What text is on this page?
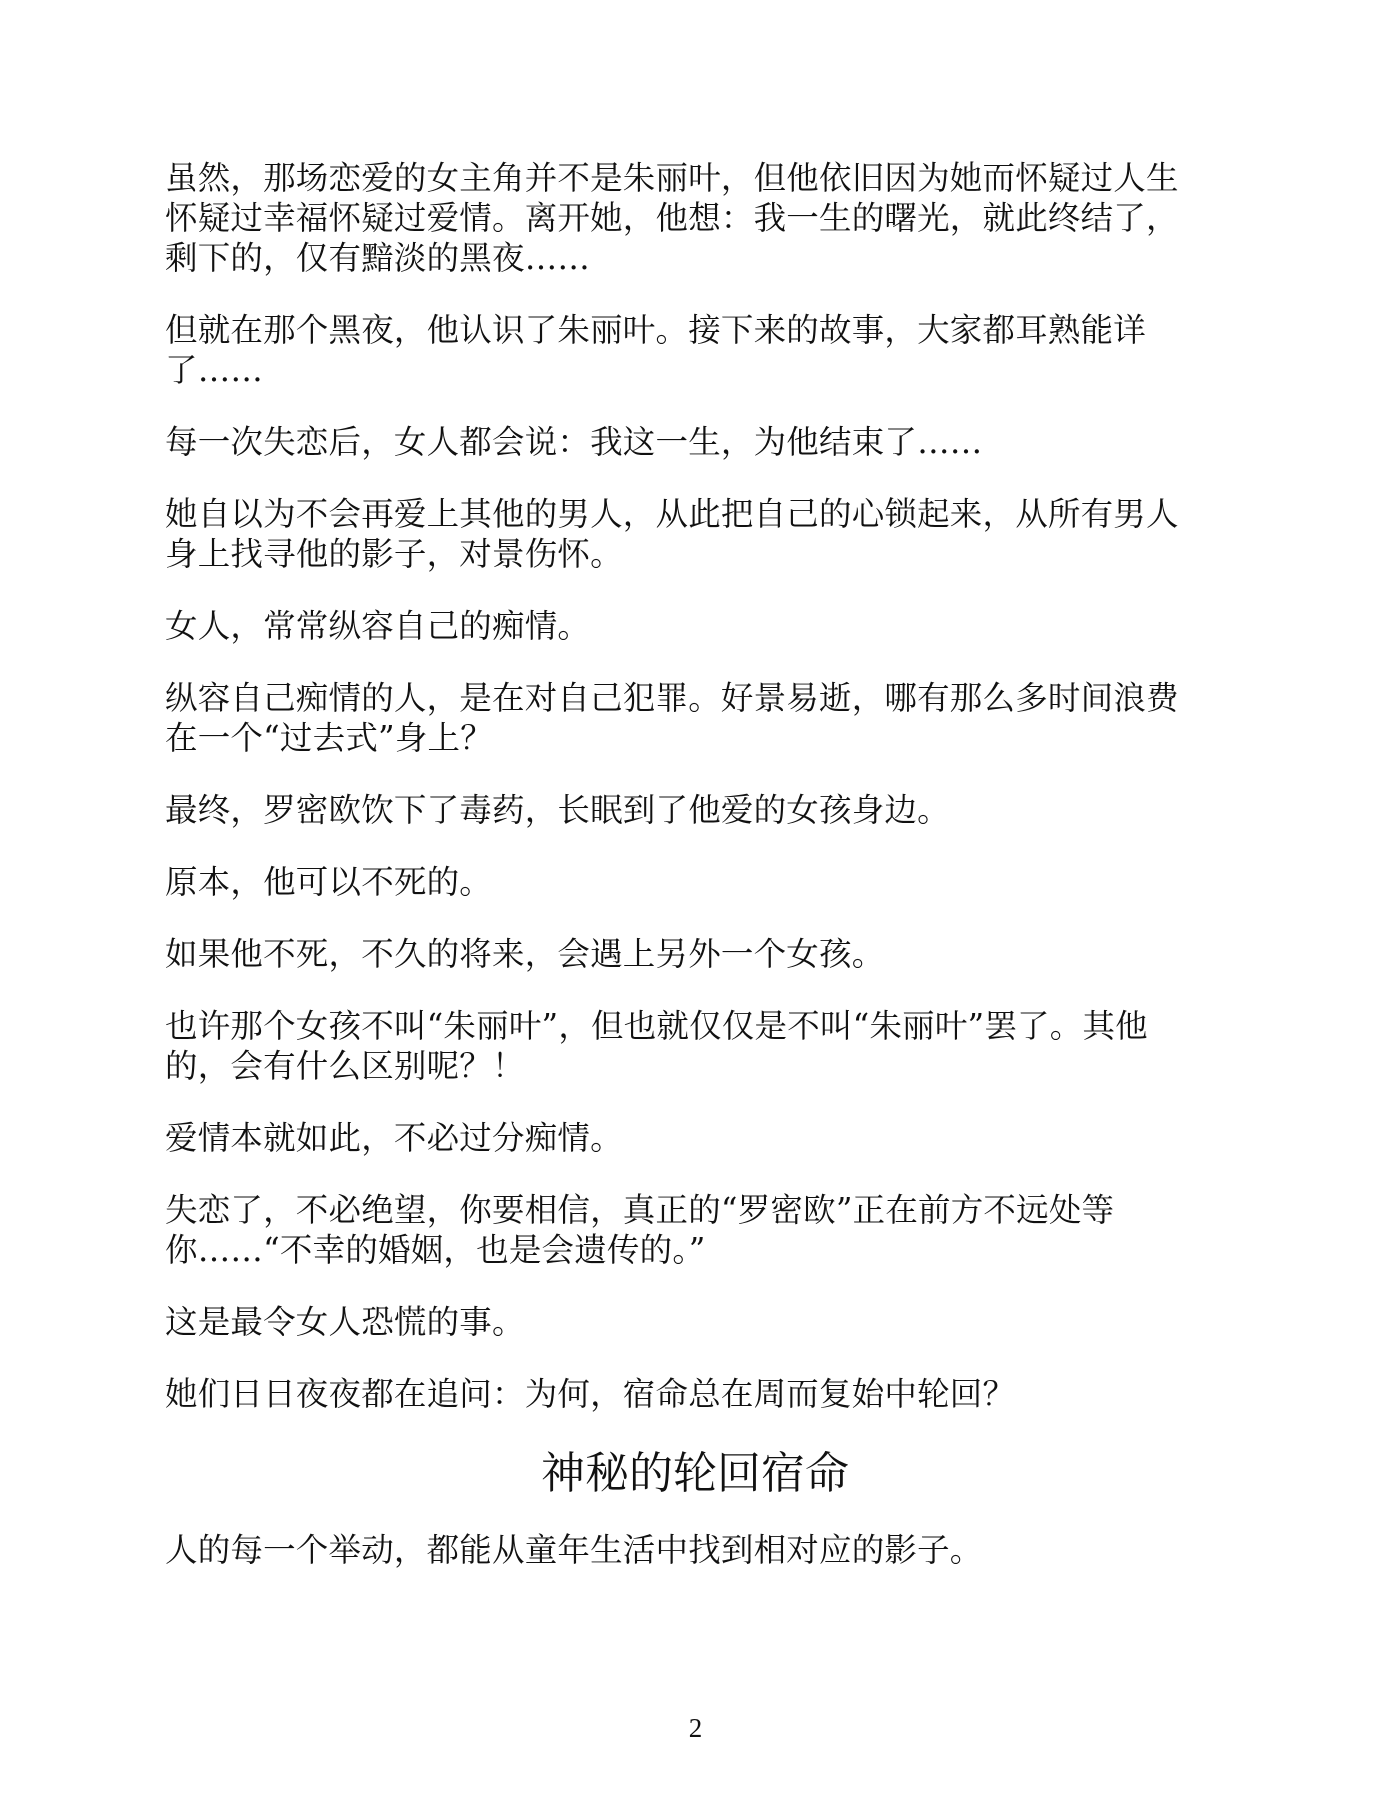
虽然，那场恋爱的女主角并不是朱丽叶，但他依旧因为她而怀疑过人生
怀疑过幸福怀疑过爱情。离开她，他想：我一生的曙光，就此终结了，
剩下的，仅有黯淡的黑夜……

但就在那个黑夜，他认识了朱丽叶。接下来的故事，大家都耳熟能详
了……

每一次失恋后，女人都会说：我这一生，为他结束了……

她自以为不会再爱上其他的男人，从此把自己的心锁起来，从所有男人
身上找寻他的影子，对景伤怀。

女人，常常纵容自己的痴情。

纵容自己痴情的人，是在对自己犯罪。好景易逝，哪有那么多时间浪费
在一个“过去式”身上？

最终，罗密欧饮下了毒药，长眠到了他爱的女孩身边。

原本，他可以不死的。

如果他不死，不久的将来，会遇上另外一个女孩。

也许那个女孩不叫“朱丽叶”，但也就仅仅是不叫“朱丽叶”罢了。其他
的，会有什么区别呢？！

爱情本就如此，不必过分痴情。

失恋了，不必绝望，你要相信，真正的“罗密欧”正在前方不远处等
你……“不幸的婚姻，也是会遗传的。”

这是最令女人恐慌的事。

她们日日夜夜都在追问：为何，宿命总在周而复始中轮回？

神秘的轮回宿命

人的每一个举动，都能从童年生活中找到相对应的影子。

2
